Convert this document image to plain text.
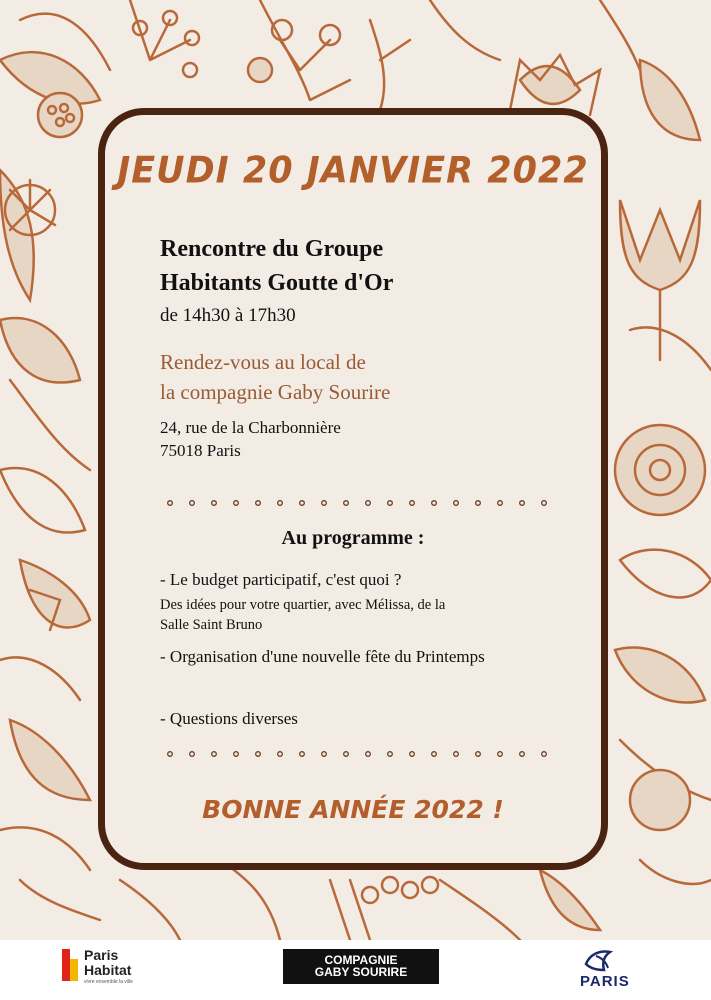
JEUDI 20 JANVIER 2022
Rencontre du Groupe
Habitants Goutte d'Or
de 14h30 à 17h30
Rendez-vous au local de
la compagnie Gaby Sourire
24, rue de la Charbonnière
75018 Paris
Au programme :
- Le budget participatif, c'est quoi ?
Des idées pour votre quartier, avec Mélissa, de la
Salle Saint Bruno
- Organisation d'une nouvelle fête du Printemps
- Questions diverses
BONNE ANNÉE 2022 !
Paris
Habitat
vivre ensemble la ville
COMPAGNIE
GABY SOURIRE
PARIS
